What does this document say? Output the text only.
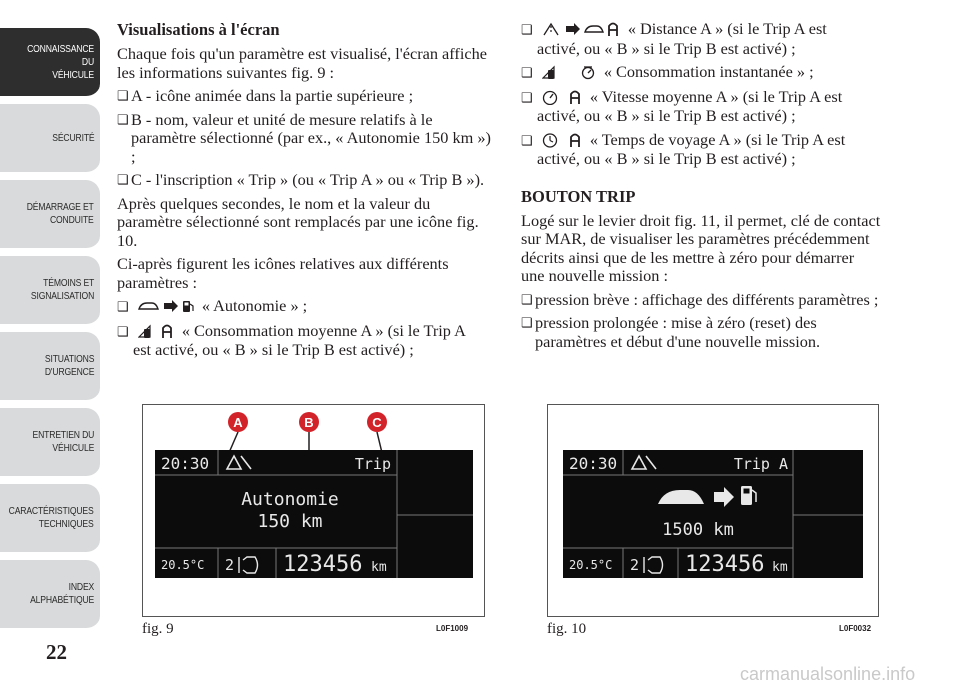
CONNAISSANCE DU
VÉHICULE
SÉCURITÉ
DÉMARRAGE ET
CONDUITE
TÉMOINS ET
SIGNALISATION
SITUATIONS
D'URGENCE
ENTRETIEN DU
VÉHICULE
CARACTÉRISTIQUES
TECHNIQUES
INDEX
ALPHABÉTIQUE
22
Visualisations à l'écran

Chaque fois qu'un paramètre est visualisé, l'écran affiche les informations suivantes fig. 9 :

❑ A - icône animée dans la partie supérieure ;
❑ B - nom, valeur et unité de mesure relatifs à le paramètre sélectionné (par ex., « Autonomie 150 km ») ;
❑ C - l'inscription « Trip » (ou « Trip A » ou « Trip B »).

Après quelques secondes, le nom et la valeur du paramètre sélectionné sont remplacés par une icône fig. 10.

Ci-après figurent les icônes relatives aux différents paramètres :

❑	« Autonomie » ;
❑	« Consommation moyenne A » (si le Trip A
est activé, ou « B » si le Trip B est activé) ;
❑	« Distance A » (si le Trip A est
activé, ou « B » si le Trip B est activé) ;
❑	« Consommation instantanée » ;
❑	« Vitesse moyenne A » (si le Trip A est
activé, ou « B » si le Trip B est activé) ;
❑	« Temps de voyage A » (si le Trip A est
activé, ou « B » si le Trip B est activé) ;
BOUTON TRIP

Logé sur le levier droit fig. 11, il permet, clé de contact sur MAR, de visualiser les paramètres précédemment décrits ainsi que de les mettre à zéro pour démarrer une nouvelle mission :

❑ pression brève : affichage des différents paramètres ;
❑ pression prolongée : mise à zéro (reset) des paramètres et début d'une nouvelle mission.
A	B	C
20:30	Trip
Autonomie
150 km
20.5°C 2 123456 km
fig. 9	L0F1009
20:30	Trip A
1500 km
20.5°C 2 123456 km
fig. 10	L0F0032
carmanualsonline.info
